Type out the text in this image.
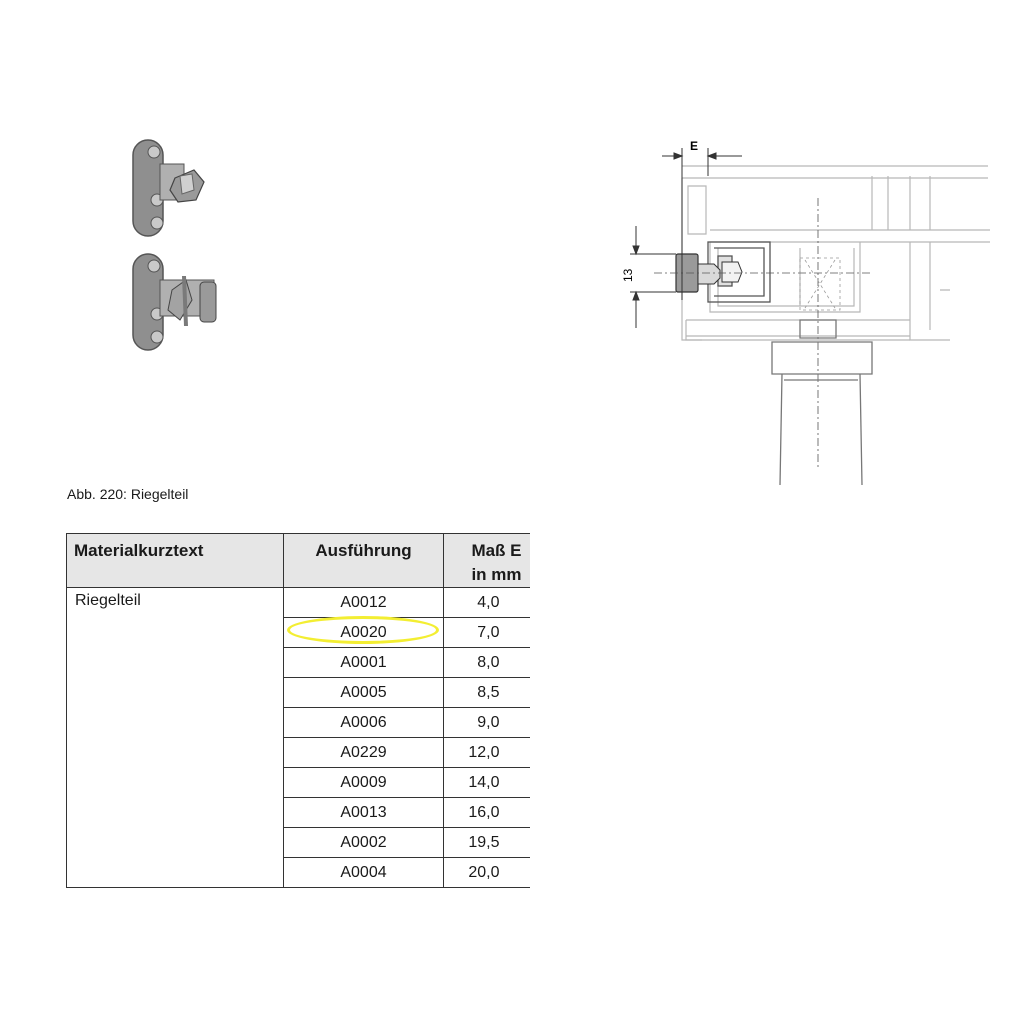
E
13
Abb. 220: Riegelteil
Materialkurztext	Ausführung	Maß E
in mm
Riegelteil	A0012	4,0
	A0020	7,0
	A0001	8,0
	A0005	8,5
	A0006	9,0
	A0229	12,0
	A0009	14,0
	A0013	16,0
	A0002	19,5
	A0004	20,0
